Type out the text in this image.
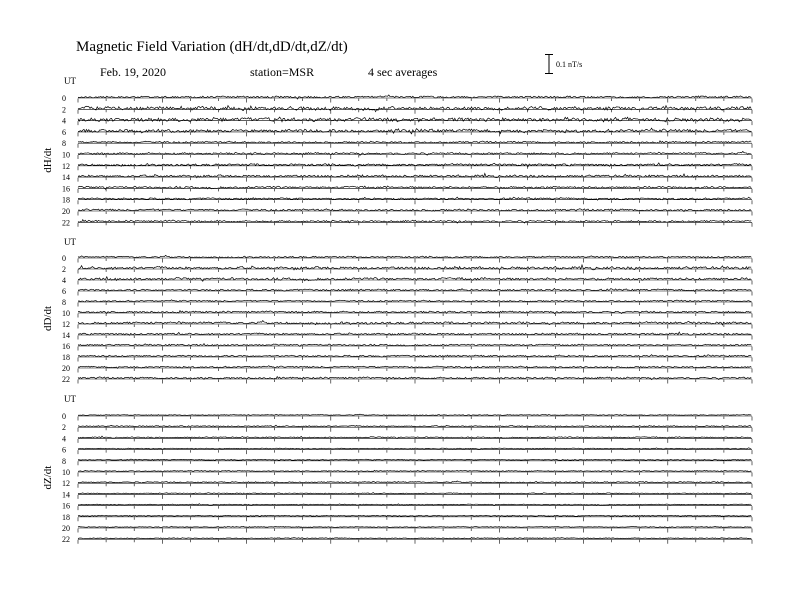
Magnetic Field Variation (dH/dt,dD/dt,dZ/dt)
Feb. 19, 2020	station=MSR	4 sec averages
0.1 nT/s
UT
dH/dt
0
2
4
6
8
10
12
14
16
18
20
22
UT
dD/dt
0
2
4
6
8
10
12
14
16
18
20
22
UT
dZ/dt
0
2
4
6
8
10
12
14
16
18
20
22
